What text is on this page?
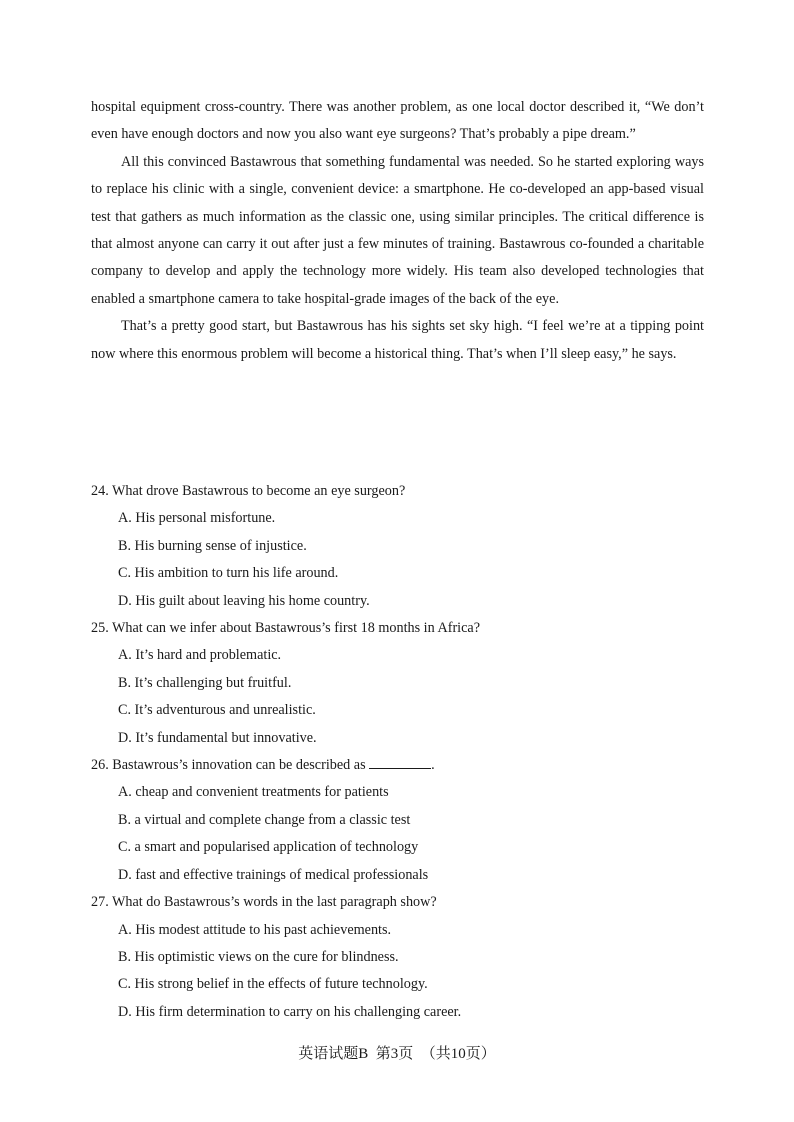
hospital equipment cross-country. There was another problem, as one local doctor described it, “We don’t even have enough doctors and now you also want eye surgeons? That’s probably a pipe dream.”

All this convinced Bastawrous that something fundamental was needed. So he started exploring ways to replace his clinic with a single, convenient device: a smartphone. He co-developed an app-based visual test that gathers as much information as the classic one, using similar principles. The critical difference is that almost anyone can carry it out after just a few minutes of training. Bastawrous co-founded a charitable company to develop and apply the technology more widely. His team also developed technologies that enabled a smartphone camera to take hospital-grade images of the back of the eye.

That’s a pretty good start, but Bastawrous has his sights set sky high. “I feel we’re at a tipping point now where this enormous problem will become a historical thing. That’s when I’ll sleep easy,” he says.

24. What drove Bastawrous to become an eye surgeon?

A. His personal misfortune.
B. His burning sense of injustice.
C. His ambition to turn his life around.
D. His guilt about leaving his home country.

25. What can we infer about Bastawrous’s first 18 months in Africa?

A. It’s hard and problematic.
B. It’s challenging but fruitful.
C. It’s adventurous and unrealistic.
D. It’s fundamental but innovative.

26. Bastawrous’s innovation can be described as	.

A. cheap and convenient treatments for patients
B. a virtual and complete change from a classic test
C. a smart and popularised application of technology
D. fast and effective trainings of medical professionals

27. What do Bastawrous’s words in the last paragraph show?

A. His modest attitude to his past achievements.
B. His optimistic views on the cure for blindness.
C. His strong belief in the effects of future technology.
D. His firm determination to carry on his challenging career.
英语试题B  第3页  （共10页）
